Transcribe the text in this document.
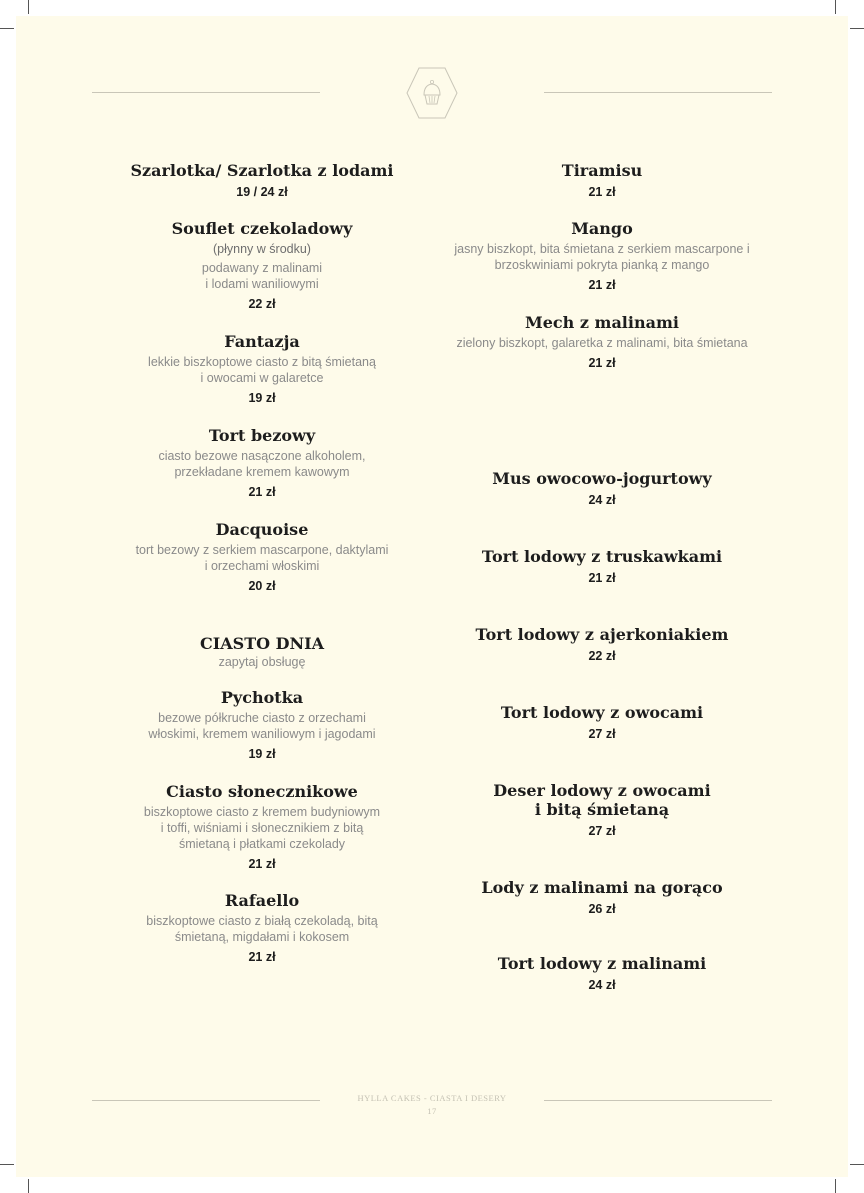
Szarlotka/ Szarlotka z lodami

19 / 24 zł

Souflet czekoladowy

(płynny w środku)

podawany z malinami
i lodami waniliowymi

22 zł

Fantazja

lekkie biszkoptowe ciasto z bitą śmietaną
i owocami w galaretce

19 zł

Tort bezowy

ciasto bezowe nasączone alkoholem,
przekładane kremem kawowym

21 zł

Dacquoise

tort bezowy z serkiem mascarpone, daktylami
i orzechami włoskimi

20 zł

CIASTO DNIA

zapytaj obsługę

Pychotka

bezowe półkruche ciasto z orzechami
włoskimi, kremem waniliowym i jagodami

19 zł

Ciasto słonecznikowe

biszkoptowe ciasto z kremem budyniowym
i toffi, wiśniami i słonecznikiem z bitą
śmietaną i płatkami czekolady

21 zł

Rafaello

biszkoptowe ciasto z białą czekoladą, bitą
śmietaną, migdałami i kokosem

21 zł

Tiramisu

21 zł

Mango

jasny biszkopt, bita śmietana z serkiem mascarpone i
brzoskwiniami pokryta pianką z mango

21 zł

Mech z malinami

zielony biszkopt, galaretka z malinami, bita śmietana

21 zł

Mus owocowo-jogurtowy

24 zł

Tort lodowy z truskawkami

21 zł

Tort lodowy z ajerkoniakiem

22 zł

Tort lodowy z owocami

27 zł

Deser lodowy z owocami
i bitą śmietaną

27 zł

Lody z malinami na gorąco

26 zł

Tort lodowy z malinami

24 zł

HYLLA CAKES - CIASTA I DESERY
17
